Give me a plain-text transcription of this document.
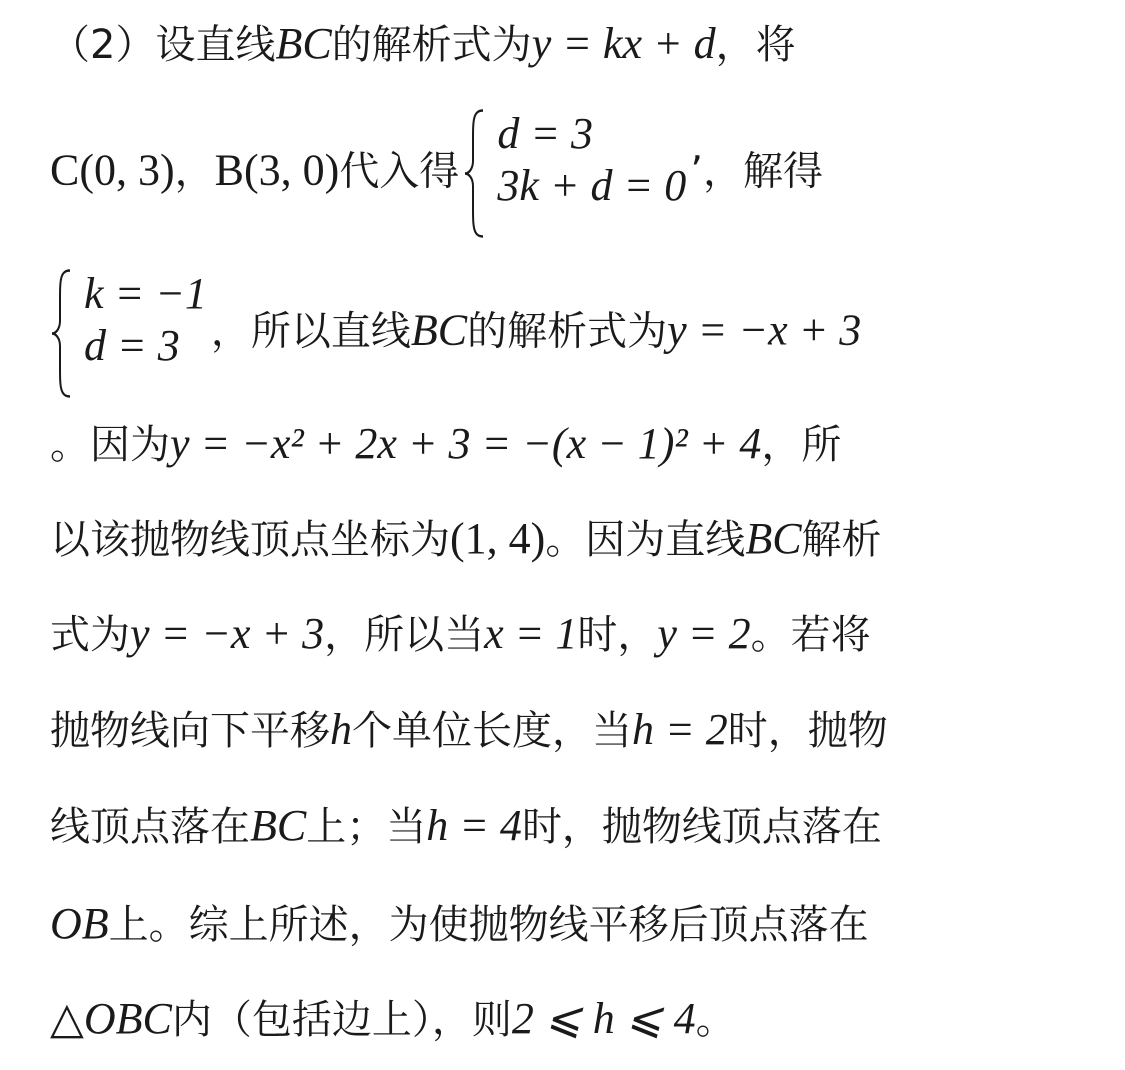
（2）设直线BC的解析式为y = kx + d，将
C(0, 3)，B(3, 0)代入得
d = 3
3k + d = 0 ’，解得
k = −1
d = 3 ，所以直线BC的解析式为y = −x + 3
。因为y = −x² + 2x + 3 = −(x − 1)² + 4，所
以该抛物线顶点坐标为(1, 4)。因为直线BC解析
式为y = −x + 3，所以当x = 1时，y = 2。若将
抛物线向下平移h个单位长度，当h = 2时，抛物
线顶点落在BC上；当h = 4时，抛物线顶点落在
OB上。综上所述，为使抛物线平移后顶点落在
△OBC内（包括边上），则2 ⩽ h ⩽ 4。
